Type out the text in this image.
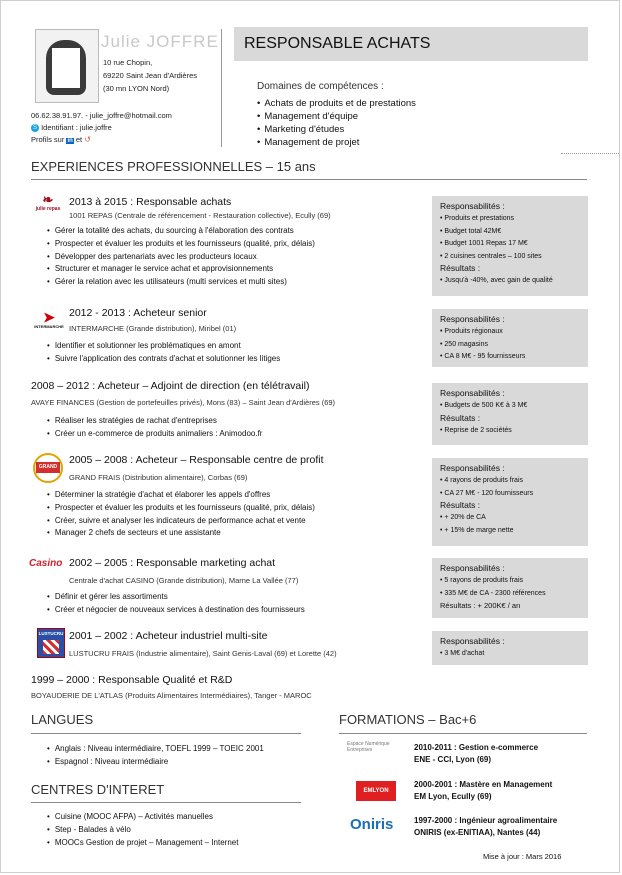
Julie JOFFRE
10 rue Chopin,
69220 Saint Jean d'Ardières
(30 mn LYON Nord)
06.62.38.91.97. - julie_joffre@hotmail.com
S Identifiant : julie.joffre
Profils sur in et ↺
RESPONSABLE ACHATS
Domaines de compétences :
• Achats de produits et de prestations
• Management d'équipe
• Marketing d'études
• Management de projet
EXPERIENCES PROFESSIONNELLES – 15 ans
❧
julie repas
2013 à 2015 : Responsable achats
1001 REPAS (Centrale de référencement - Restauration collective), Ecully (69)
• Gérer la totalité des achats, du sourcing à l'élaboration des contrats
• Prospecter et évaluer les produits et les fournisseurs (qualité, prix, délais)
• Développer des partenariats avec les producteurs locaux
• Structurer et manager le service achat et approvisionnements
• Gérer la relation avec les utilisateurs (multi services et multi sites)
Responsabilités :
• Produits et prestations
• Budget total 42M€
• Budget 1001 Repas 17 M€
• 2 cuisines centrales – 100 sites
Résultats :
• Jusqu'à -40%, avec gain de qualité
➤
INTERMARCHE
2012 - 2013 : Acheteur senior
INTERMARCHE (Grande distribution), Miribel (01)
• Identifier et solutionner les problématiques en amont
• Suivre l'application des contrats d'achat et solutionner les litiges
Responsabilités :
• Produits régionaux
• 250 magasins
• CA 8 M€ - 95 fournisseurs
2008 – 2012 : Acheteur – Adjoint de direction (en télétravail)
AVAYE FINANCES (Gestion de portefeuilles privés), Mons (83) – Saint Jean d'Ardières (69)
• Réaliser les stratégies de rachat d'entreprises
• Créer un e-commerce de produits animaliers : Animodoo.fr
Responsabilités :
• Budgets de 500 K€ à 3 M€
Résultats :
• Reprise de 2 sociétés
GRAND FRAIS
2005 – 2008 : Acheteur – Responsable centre de profit
GRAND FRAIS (Distribution alimentaire), Corbas (69)
• Déterminer la stratégie d'achat et élaborer les appels d'offres
• Prospecter et évaluer les produits et les fournisseurs (qualité, prix, délais)
• Créer, suivre et analyser les indicateurs de performance achat et vente
• Manager 2 chefs de secteurs et une assistante
Responsabilités :
• 4 rayons de produits frais
• CA 27 M€ - 120 fournisseurs
Résultats :
• + 20% de CA
• + 15% de marge nette
Casino 2002 – 2005 : Responsable marketing achat
Centrale d'achat CASINO (Grande distribution), Marne La Vallée (77)
• Définir et gérer les assortiments
• Créer et négocier de nouveaux services à destination des fournisseurs
Responsabilités :
• 5 rayons de produits frais
• 335 M€ de CA - 2300 références
Résultats : + 200K€ / an
LUSTUCRU 2001 – 2002 : Acheteur industriel multi-site
LUSTUCRU FRAIS (Industrie alimentaire), Saint Genis-Laval (69) et Lorette (42)
Responsabilités :
• 3 M€ d'achat
1999 – 2000 : Responsable Qualité et R&D
BOYAUDERIE DE L'ATLAS (Produits Alimentaires Intermédiaires), Tanger - MAROC
LANGUES
• Anglais : Niveau intermédiaire, TOEFL 1999 – TOEIC 2001
• Espagnol : Niveau intermédiaire
CENTRES D'INTERET
• Cuisine (MOOC AFPA) – Activités manuelles
• Step - Balades à vélo
• MOOCs Gestion de projet – Management – Internet
FORMATIONS – Bac+6
Espace Numérique Entreprises	2010-2011 : Gestion e-commerce
ENE - CCI, Lyon (69)
EMLYON
2000-2001 : Mastère en Management
EM Lyon, Ecully (69)
Oniris	1997-2000 : Ingénieur agroalimentaire
ONIRIS (ex-ENITIAA), Nantes (44)
Mise à jour : Mars 2016
